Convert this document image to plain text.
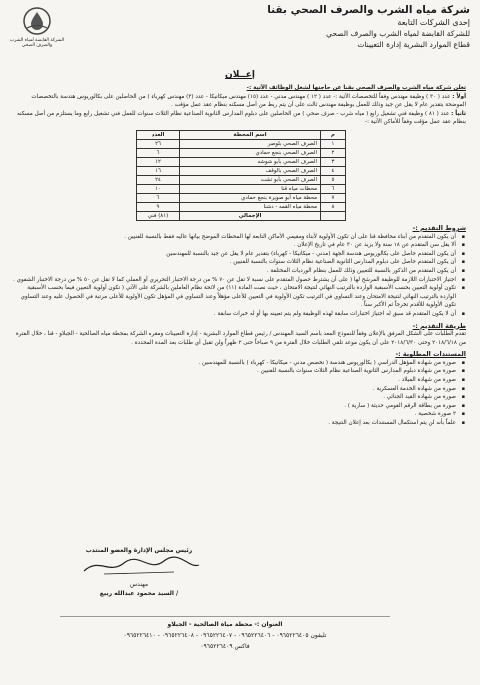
شركة مياه الشرب والصرف الصحي بقنا
إحدى الشركات التابعة
للشركة القابضة لمياه الشرب والصرف الصحي
قطاع الموارد البشرية إدارة التعيينات
الشركة القابضة لمياه الشرب والصرف الصحي
إعــلان

تعلن شركة مياه الشرب والصرف الصحي بقنا عن حاجتها لشغل الوظائف الآتية :-

أولاً : عدد ( ٣٠ ) وظيفة مهندس وفقاً للتخصصات الآتية :- عدد ( ١٢ ) مهندس مدني - عدد (١٥) مهندس ميكانيكا - عدد (٣) مهندس كهرباء ) من الحاصلين على بكالوريوس هندسة بالتخصصات الموضحة بتقدير عام لا يقل عن جيد وذلك للعمل بوظيفة مهندس ثالث على أن يتم ربط من أصل مسكنه بنظام عقد عمل مؤقت .

ثانياً : عدد ( ٨١ ) وظيفة فني تشغيل رابع ( مياه شرب - صرف صحي ) من الحاصلين على دبلوم المدارس الثانوية الصناعية نظام الثلاث سنوات للعمل فني تشغيل رابع وما يستلزم من أصل مسكنه بنظام عقد عمل مؤقت وفقاً للأماكن الآتية :-

م	اسم المحطة	العدد
١	الصرف الصحي بلوصر	٢٦
٢	الصرف الصحي بنجع حمادي	٦
٣	الصرف الصحي بأبو شوشه	١٢
٤	الصرف الصحي بالوقف	١٦
٥	الصرف الصحي بأبو تشت	٢٤
٦	محطات مياه قنا	١٠
٧	محطة مياه أبو صويرة بنجع حمادي	٦
٨	محطة مياه القمه - دشنا	٩
	الإجمالي	(٨١) فني
شروط التقديم :-
▪ أن يكون المتقدم من أبناء محافظة قنا على أن تكون الأولوية لأبناء ومقيمي الأماكن التابعة لها المحطات الموضح بيانها عاليه فقط بالنسبة للفنيين .
▪ ألا يقل سن المتقدم عن ١٨ سنة ولا يزيد عن ٣٠ عام في تاريخ الإعلان .
▪ أن يكون المتقدم حاصل على بكالوريوس هندسة الجهة (مدني - ميكانيكا - كهرباء) بتقدير عام لا يقل عن جيد بالنسبة للمهندسين
▪ أن يكون المتقدم حاصل على دبلوم المدارس الثانوية الصناعية نظام الثلاث سنوات بالنسبة للفنيين .
▪ أن يكون المتقدم من الذكور بالنسبة للتعيين وذلك للعمل بنظام الورديات المختلفة .
▪ اجتياز الاختبارات اللازمة للوظيفة المرشح لها ( على أن يشترط حصول المتقدم على نسبة لا تقل عن ٧٠ % من درجة الاختبار التحريري أو العملي كما لا تقل عن ٥٠ % من درجة الاختبار الشفوي .
▪ تكون أولوية التعيين بحسب الأسبقية الواردة بالترتيب النهائي لنتيجة الامتحان ، حيث نصت المادة (١١) من لائحة نظام العاملين بالشركة على الآتي ( تكون أولوية التعيين فيما بحسب الأسبقية الواردة بالترتيب النهائي لنتيجة الامتحان وعند التساوي في الترتيب تكون الأولوية في التعيين للأعلى مؤهلاً وعند التساوي في المؤهل تكون الأولوية للأعلى مرتبة في الحصول عليه وعند التساوي تكون الأولوية للأقدم تخرجاً ثم الأكبر سناً .
▪ أن لا يكون المتقدم قد سبق له اجتياز اختبارات سابقة لهذه الوظيفة ولم يتم تعيينه بها أو له خبرات سابقة .
طريقة التقديم :-

تقدم الطلبات على الشكل المرفق بالإعلان وفقاً للنموذج المعد باسم السيد المهندس / رئيس قطاع الموارد البشرية - إدارة التعيينات ومقره الشركة بمحطة مياه الصالحية - الجبلاو - قنا ، خلال الفترة من ٢٠١٨/٦/١٨ وحتى ٢٠١٨/٦/٣٠ على أن يكون موعد تلقي الطلبات خلال الفترة من ٩ صباحاً حتى ٢ ظهراً ولن تقبل أي طلبات بعد المدة المحددة .

المستندات المطلوبة :-
▪ صورة من شهادة المؤهل الدراسي ( بكالوريوس هندسة ( تخصص مدني - ميكانيكا - كهرباء ) بالنسبة للمهندسين .
▪ صورة من شهادة دبلوم المدارس الثانوية الصناعية نظام الثلاث سنوات بالنسبة للفنيين .
▪ صورة من شهادة الميلاد .
▪ صورة من شهادة الخدمة العسكرية .
▪ صورة من شهادة القيد الجنائي .
▪ صورة من بطاقة الرقم القومي حديثة ( سارية ) .
▪ ٢ صورة شخصية .
▪ علماً بأنه لن يتم استكمال المستندات بعد إعلان النتيجة .
رئيس مجلس الإدارة والعضو المنتدب
مهندس
/ السيد محمود عبدالله ربيع
العنوان :- محطة مياه الصالحية - الجبلاو
تليفون ٠٩٦٥٢٢٦٤٠٥ - ٠٩٦٥٢٢٦٤٠٦ - ٠٩٦٥٢٢٦٤٠٧ - ٠٩٦٥٢٢٦٤٠٨ - ٠٩٦٥٢٢٦٤١٠
فاكس ٠٩٦٥٢٢٦٤٠٩
